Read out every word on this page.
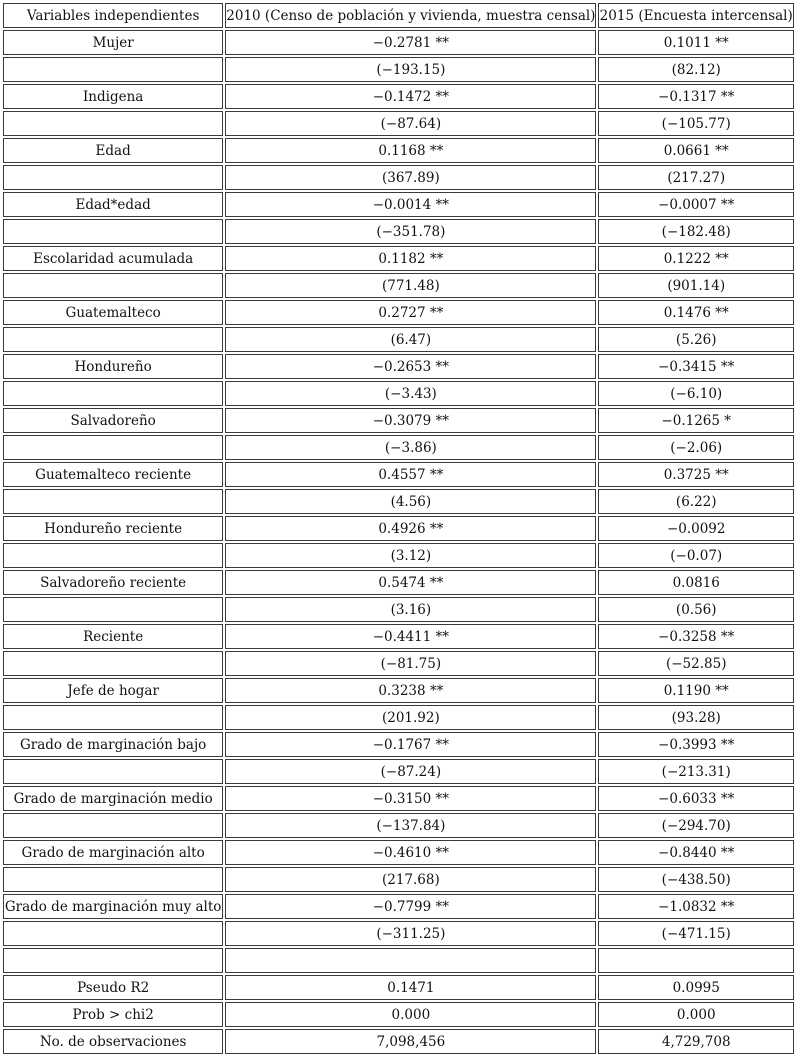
Variables independientes	2010 (Censo de población y vivienda, muestra censal)	2015 (Encuesta intercensal)
Mujer	−0.2781 **	0.1011 **
	(−193.15)	(82.12)
Indigena	−0.1472 **	−0.1317 **
	(−87.64)	(−105.77)
Edad	0.1168 **	0.0661 **
	(367.89)	(217.27)
Edad*edad	−0.0014 **	−0.0007 **
	(−351.78)	(−182.48)
Escolaridad acumulada	0.1182 **	0.1222 **
	(771.48)	(901.14)
Guatemalteco	0.2727 **	0.1476 **
	(6.47)	(5.26)
Hondureño	−0.2653 **	−0.3415 **
	(−3.43)	(−6.10)
Salvadoreño	−0.3079 **	−0.1265 *
	(−3.86)	(−2.06)
Guatemalteco reciente	0.4557 **	0.3725 **
	(4.56)	(6.22)
Hondureño reciente	0.4926 **	−0.0092
	(3.12)	(−0.07)
Salvadoreño reciente	0.5474 **	0.0816
	(3.16)	(0.56)
Reciente	−0.4411 **	−0.3258 **
	(−81.75)	(−52.85)
Jefe de hogar	0.3238 **	0.1190 **
	(201.92)	(93.28)
Grado de marginación bajo	−0.1767 **	−0.3993 **
	(−87.24)	(−213.31)
Grado de marginación medio	−0.3150 **	−0.6033 **
	(−137.84)	(−294.70)
Grado de marginación alto	−0.4610 **	−0.8440 **
	(217.68)	(−438.50)
Grado de marginación muy alto	−0.7799 **	−1.0832 **
	(−311.25)	(−471.15)

Pseudo R2	0.1471	0.0995
Prob > chi2	0.000	0.000
No. de observaciones	7,098,456	4,729,708
